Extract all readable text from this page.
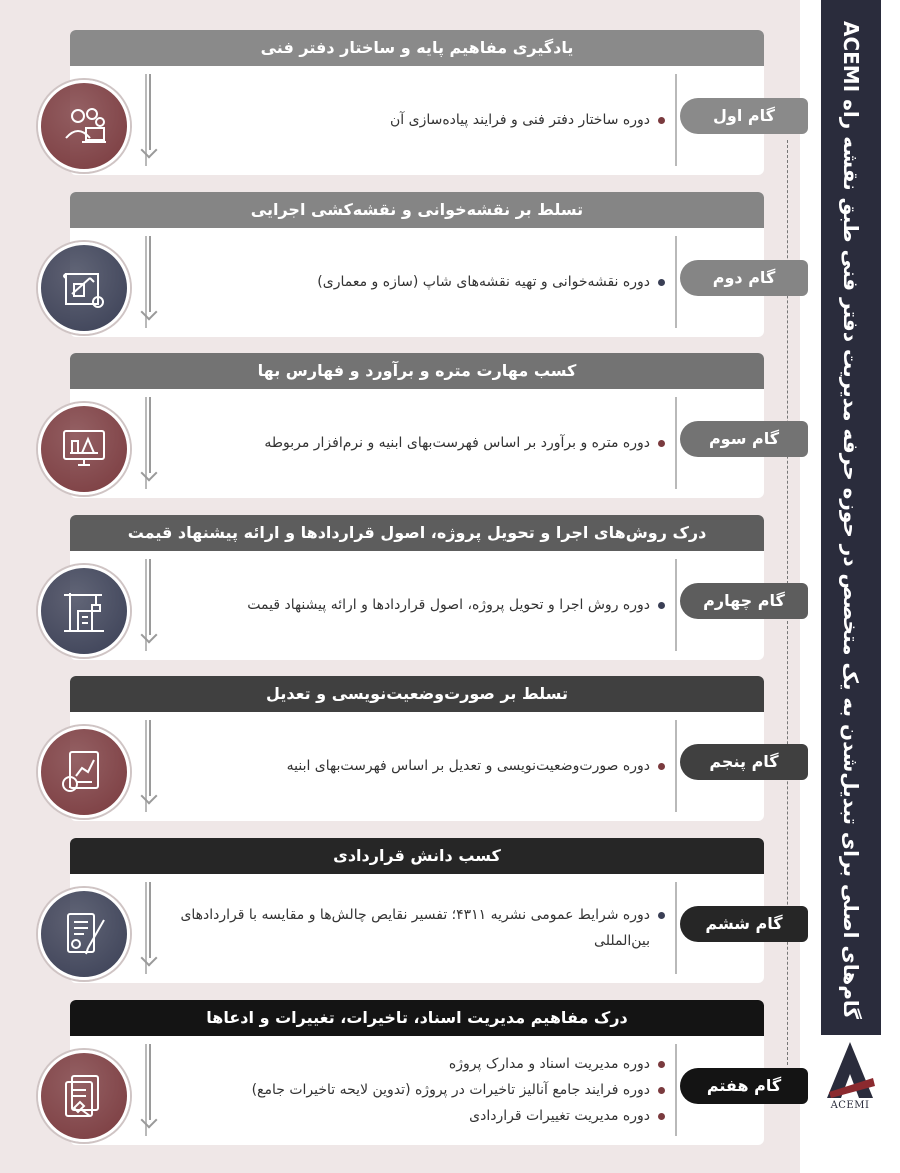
گام‌های اصلی برای تبدیل‌شدن به یک متخصص در حوزه حرفه مدیریت دفتر فنی طبق نقشه راه ACEMI
ACEMI
یادگیری مفاهیم پایه و ساختار دفتر فنی
دوره ساختار دفتر فنی و فرایند پیاده‌سازی آن	گام اول
تسلط بر نقشه‌خوانی و نقشه‌کشی اجرایی
دوره نقشه‌خوانی و تهیه نقشه‌های شاپ (سازه و معماری)	گام دوم
کسب مهارت متره و برآورد و فهارس بها
دوره متره و برآورد بر اساس فهرست‌بهای ابنیه و نرم‌افزار مربوطه	گام سوم
درک روش‌های اجرا و تحویل پروژه، اصول قراردادها و ارائه پیشنهاد قیمت
دوره روش اجرا و تحویل پروژه، اصول قراردادها و ارائه پیشنهاد قیمت	گام چهارم
تسلط بر صورت‌وضعیت‌نویسی و تعدیل
دوره صورت‌وضعیت‌نویسی و تعدیل بر اساس فهرست‌بهای ابنیه	گام پنجم
کسب دانش قراردادی
دوره شرایط عمومی نشریه ۴۳۱۱؛ تفسیر نقایص چالش‌ها و مقایسه با قراردادهای بین‌المللی
گام ششم
درک مفاهیم مدیریت اسناد، تاخیرات، تغییرات و ادعاها
دوره مدیریت اسناد و مدارک پروژه
دوره فرایند جامع آنالیز تاخیرات در پروژه (تدوین لایحه تاخیرات جامع)
دوره مدیریت تغییرات قراردادی
گام هفتم
